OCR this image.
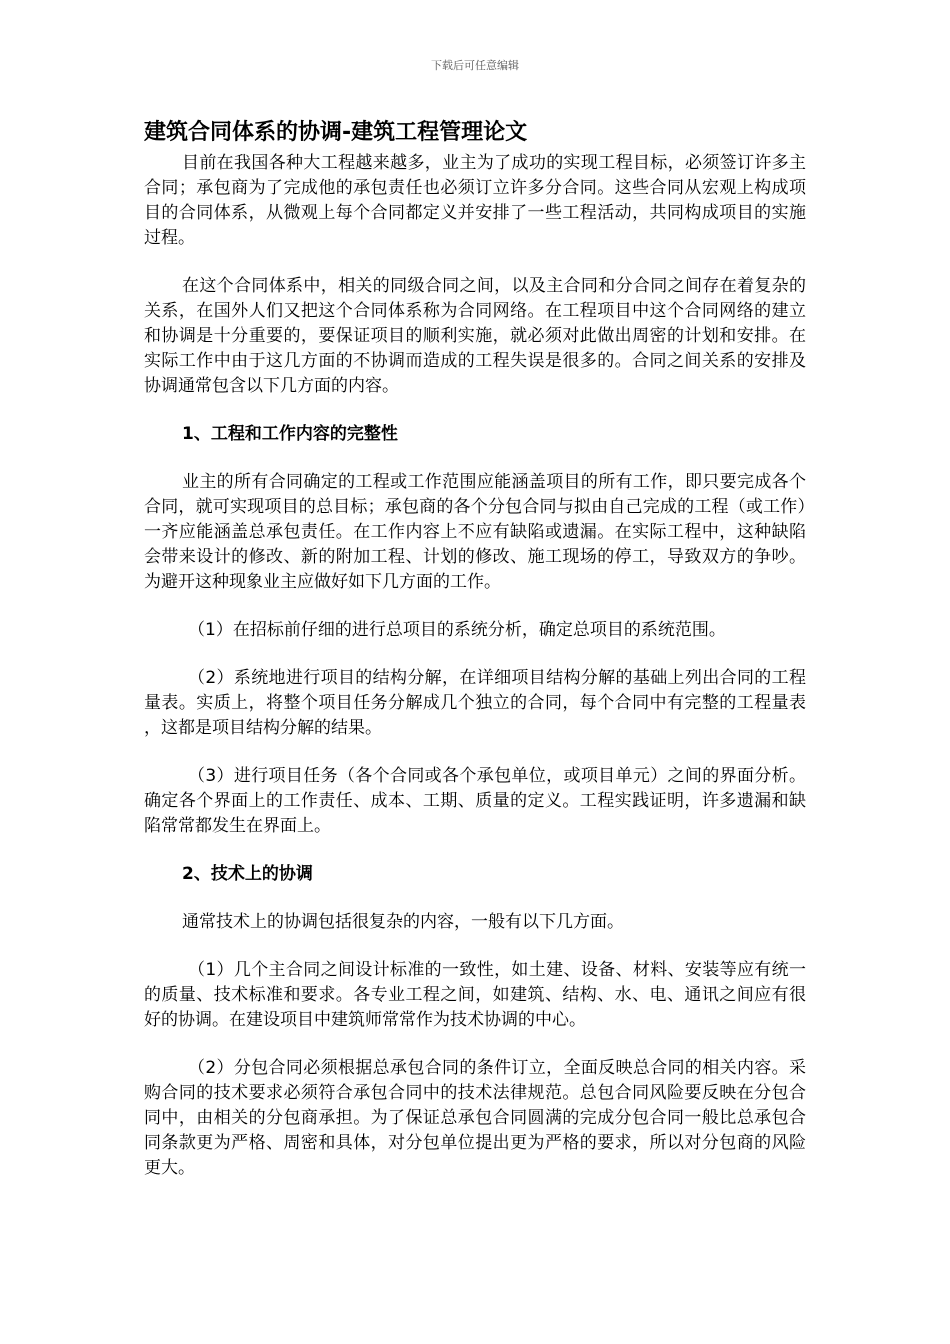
下载后可任意编辑
建筑合同体系的协调-建筑工程管理论文

目前在我国各种大工程越来越多，业主为了成功的实现工程目标，必须签订许多主合同；承包商为了完成他的承包责任也必须订立许多分合同。这些合同从宏观上构成项目的合同体系，从微观上每个合同都定义并安排了一些工程活动，共同构成项目的实施过程。

在这个合同体系中，相关的同级合同之间，以及主合同和分合同之间存在着复杂的关系，在国外人们又把这个合同体系称为合同网络。在工程项目中这个合同网络的建立和协调是十分重要的，要保证项目的顺利实施，就必须对此做出周密的计划和安排。在实际工作中由于这几方面的不协调而造成的工程失误是很多的。合同之间关系的安排及协调通常包含以下几方面的内容。

1、工程和工作内容的完整性

业主的所有合同确定的工程或工作范围应能涵盖项目的所有工作，即只要完成各个合同，就可实现项目的总目标；承包商的各个分包合同与拟由自己完成的工程（或工作）一齐应能涵盖总承包责任。在工作内容上不应有缺陷或遗漏。在实际工程中，这种缺陷会带来设计的修改、新的附加工程、计划的修改、施工现场的停工，导致双方的争吵。为避开这种现象业主应做好如下几方面的工作。

（1）在招标前仔细的进行总项目的系统分析，确定总项目的系统范围。

（2）系统地进行项目的结构分解，在详细项目结构分解的基础上列出合同的工程量表。实质上，将整个项目任务分解成几个独立的合同，每个合同中有完整的工程量表，这都是项目结构分解的结果。

（3）进行项目任务（各个合同或各个承包单位，或项目单元）之间的界面分析。确定各个界面上的工作责任、成本、工期、质量的定义。工程实践证明，许多遗漏和缺陷常常都发生在界面上。

2、技术上的协调

通常技术上的协调包括很复杂的内容，一般有以下几方面。

（1）几个主合同之间设计标准的一致性，如土建、设备、材料、安装等应有统一的质量、技术标准和要求。各专业工程之间，如建筑、结构、水、电、通讯之间应有很好的协调。在建设项目中建筑师常常作为技术协调的中心。

（2）分包合同必须根据总承包合同的条件订立，全面反映总合同的相关内容。采购合同的技术要求必须符合承包合同中的技术法律规范。总包合同风险要反映在分包合同中，由相关的分包商承担。为了保证总承包合同圆满的完成分包合同一般比总承包合同条款更为严格、周密和具体，对分包单位提出更为严格的要求，所以对分包商的风险更大。
